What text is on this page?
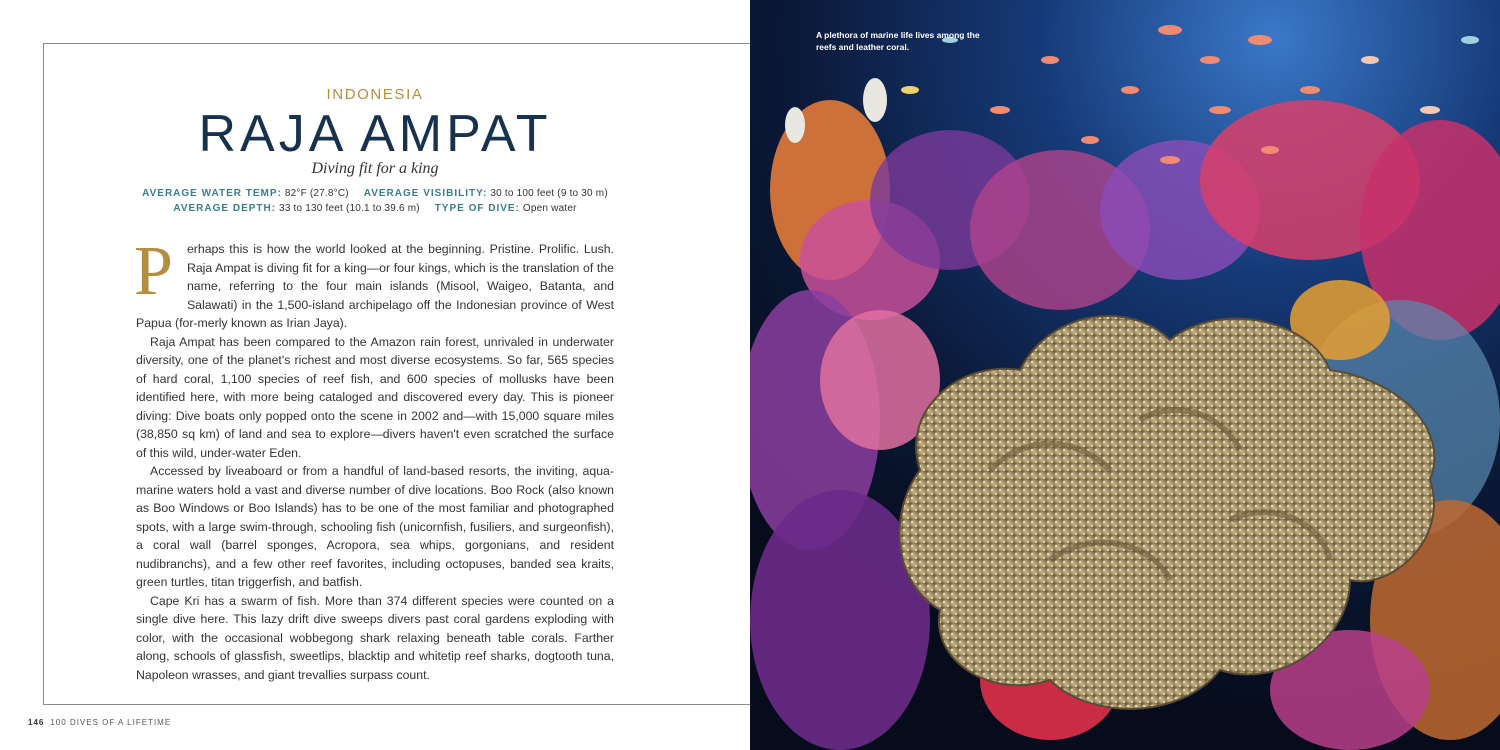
INDONESIA
RAJA AMPAT
Diving fit for a king
AVERAGE WATER TEMP: 82°F (27.8°C) AVERAGE VISIBILITY: 30 to 100 feet (9 to 30 m)
AVERAGE DEPTH: 33 to 130 feet (10.1 to 39.6 m) TYPE OF DIVE: Open water

P erhaps this is how the world looked at the beginning. Pristine. Prolific. Lush. Raja Ampat is diving fit for a king—or four kings, which is the translation of the name, referring to the four main islands (Misool, Waigeo, Batanta, and Salawati) in the 1,500-island archipelago off the Indonesian province of West Papua (for-merly known as Irian Jaya).

Raja Ampat has been compared to the Amazon rain forest, unrivaled in underwater diversity, one of the planet's richest and most diverse ecosystems. So far, 565 species of hard coral, 1,100 species of reef fish, and 600 species of mollusks have been identified here, with more being cataloged and discovered every day. This is pioneer diving: Dive boats only popped onto the scene in 2002 and—with 15,000 square miles (38,850 sq km) of land and sea to explore—divers haven't even scratched the surface of this wild, under-water Eden.

Accessed by liveaboard or from a handful of land-based resorts, the inviting, aqua-marine waters hold a vast and diverse number of dive locations. Boo Rock (also known as Boo Windows or Boo Islands) has to be one of the most familiar and photographed spots, with a large swim-through, schooling fish (unicornfish, fusiliers, and surgeonfish), a coral wall (barrel sponges, Acropora, sea whips, gorgonians, and resident nudibranchs), and a few other reef favorites, including octopuses, banded sea kraits, green turtles, titan triggerfish, and batfish.

Cape Kri has a swarm of fish. More than 374 different species were counted on a single dive here. This lazy drift dive sweeps divers past coral gardens exploding with color, with the occasional wobbegong shark relaxing beneath table corals. Farther along, schools of glassfish, sweetlips, blacktip and whitetip reef sharks, dogtooth tuna, Napoleon wrasses, and giant trevallies surpass count.

146 100 DIVES OF A LIFETIME
A plethora of marine life lives among the reefs and leather coral.
